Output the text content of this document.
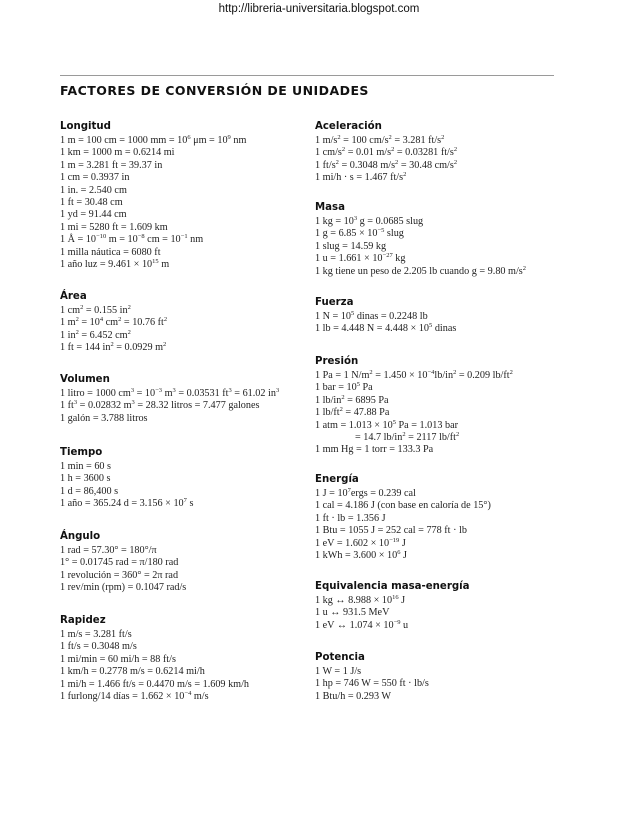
http://libreria-universitaria.blogspot.com
FACTORES DE CONVERSIÓN DE UNIDADES
Longitud
1 m = 100 cm = 1000 mm = $10^6$ $\mu m = 10^9$ nm
1 km = 1000 m = 0.6214 mi
1 m = 3.281 ft = 39.37 in
1 cm = 0.3937 in
1 in. = 2.540 cm
1 ft = 30.48 cm
1 yd = 91.44 cm
1 mi = 5280 ft = 1.609 km
1 Å = $10^{-10}$ $m = 10^{-8}$ cm = $10^{-1}$ nm
1 milla náutica = 6080 ft
1 año luz = $9.461 \times 10^{15}$ m
Área
1 $cm^2 = 0.155$ $in^2$
1 $m^2 = 10^4$ $cm^2 = 10.76$ $ft^2$
1 $in^2 = 6.452$ $cm^2$
1 ft = 144 $in^2 = 0.0929$ $m^2$
Volumen
1 litro = 1000 $cm^3 = 10^{-3}$ $m^3 = 0.03531$ $ft^3 = 61.02$ $in^3$
1 $ft^3 = 0.02832$ $m^3 = 28.32$ litros = 7.477 galones
1 galón = 3.788 litros
Tiempo
1 min = 60 s
1 h = 3600 s
1 d = 86,400 s
1 año = 365.24 $d = 3.156 \times 10^7$ s
Ángulo
1 rad = 57.30° = 180°/π
1° = 0.01745 rad = π/180 rad
1 revolución = 360° = 2π rad
1 rev/min (rpm) = 0.1047 rad/s
Rapidez
1 m/s = 3.281 ft/s
1 ft/s = 0.3048 m/s
1 mi/min = 60 mi/h = 88 ft/s
1 km/h = 0.2778 m/s = 0.6214 mi/h
1 mi/h = 1.466 ft/s = 0.4470 m/s = 1.609 km/h
1 furlong/14 días = $1.662 \times 10^{-4}$ m/s
Aceleración
1 $m/s^2 = 100$ $cm/s^2 = 3.281$ $ft/s^2$
1 $cm/s^2 = 0.01$ $m/s^2 = 0.03281$ $ft/s^2$
1 $ft/s^2 = 0.3048$ $m/s^2 = 30.48$ $cm/s^2$
1 mi/h · s = 1.467 $ft/s^2$
Masa
1 kg = $10^3$ g = 0.0685 slug
1 $g = 6.85 \times 10^{-5}$ slug
1 slug = 14.59 kg
1 $u = 1.661 \times 10^{-27}$ kg
1 kg tiene un peso de 2.205 lb cuando g = 9.80 $m/s^2$
Fuerza
1 $N = 10^5$ dinas = 0.2248 lb
1 lb = 4.448 $N = 4.448 \times 10^5$ dinas
Presión
1 Pa = 1 $N/m^2 = 1.450 \times 10^{-4}lb/in^2 = 0.209$ $lb/ft^2$
1 bar = $10^5$ Pa
1 $lb/in^2 = 6895$ Pa
1 $lb/ft^2 = 47.88$ Pa
1 atm = $1.013 \times 10^5$ Pa = 1.013 bar
= 14.7 $lb/in^2 = 2117$ $lb/ft^2$
1 mm Hg = 1 torr = 133.3 Pa
Energía
1 $J = 10^7ergs = 0.239$ cal
1 cal = 4.186 J (con base en caloría de 15°)
1 ft · lb = 1.356 J
1 Btu = 1055 J = 252 cal = 778 ft · lb
1 eV = $1.602 \times 10^{-19}$ J
1 kWh = $3.600 \times 10^6$ J
Equivalencia masa-energía
1 kg ↔ $8.988 \times 10^{16}$ J
1 u ↔ 931.5 MeV
1 eV ↔ $1.074 \times 10^{-9}$ u
Potencia
1 W = 1 J/s
1 hp = 746 W = 550 ft · lb/s
1 Btu/h = 0.293 W
